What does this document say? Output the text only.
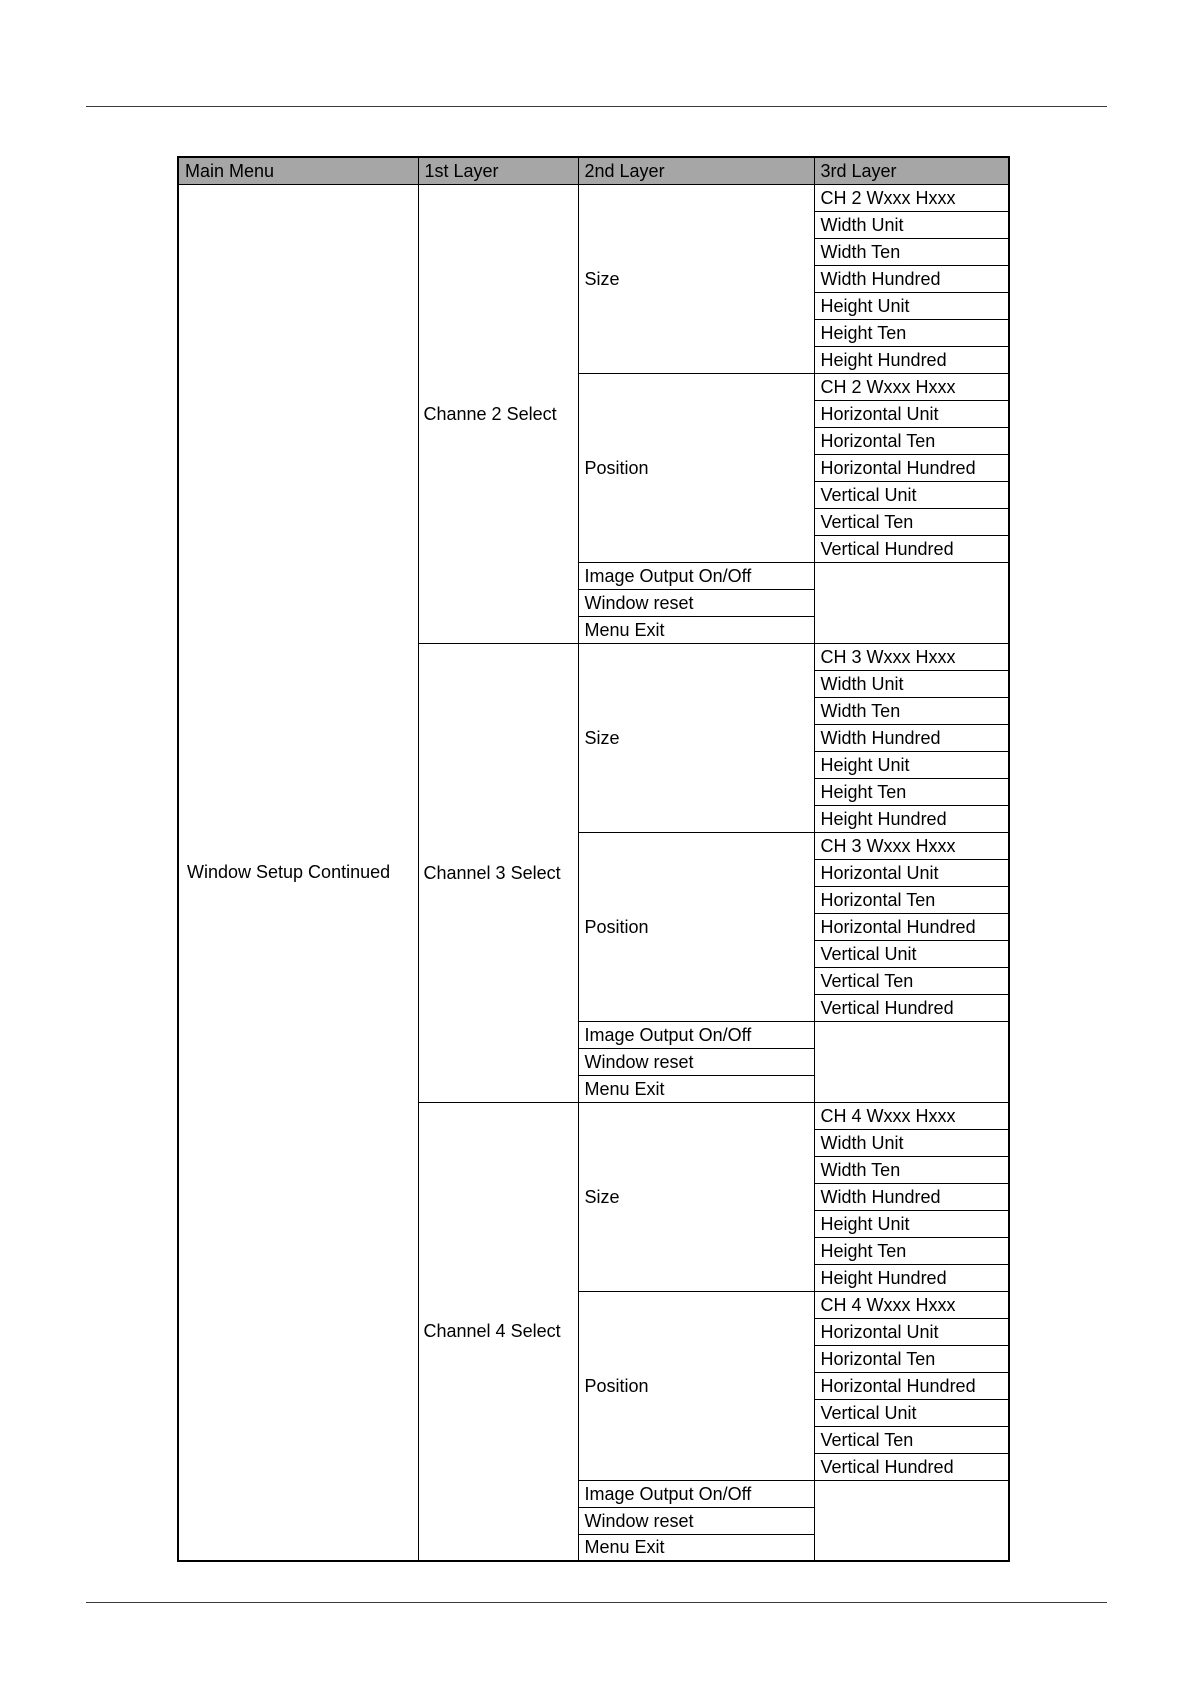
Main Menu	1st Layer	2nd Layer	3rd Layer
Window Setup Continued	Channe 2 Select	Size	CH 2 Wxxx Hxxx
			Width Unit
			Width Ten
			Width Hundred
			Height Unit
			Height Ten
			Height Hundred
		Position	CH 2 Wxxx Hxxx
			Horizontal Unit
			Horizontal Ten
			Horizontal Hundred
			Vertical Unit
			Vertical Ten
			Vertical Hundred
		Image Output On/Off	
		Window reset	
		Menu Exit	
	Channel 3 Select	Size	CH 3 Wxxx Hxxx
			Width Unit
			Width Ten
			Width Hundred
			Height Unit
			Height Ten
			Height Hundred
		Position	CH 3 Wxxx Hxxx
			Horizontal Unit
			Horizontal Ten
			Horizontal Hundred
			Vertical Unit
			Vertical Ten
			Vertical Hundred
		Image Output On/Off	
		Window reset	
		Menu Exit	
	Channel 4 Select	Size	CH 4 Wxxx Hxxx
			Width Unit
			Width Ten
			Width Hundred
			Height Unit
			Height Ten
			Height Hundred
		Position	CH 4 Wxxx Hxxx
			Horizontal Unit
			Horizontal Ten
			Horizontal Hundred
			Vertical Unit
			Vertical Ten
			Vertical Hundred
		Image Output On/Off	
		Window reset	
		Menu Exit	
